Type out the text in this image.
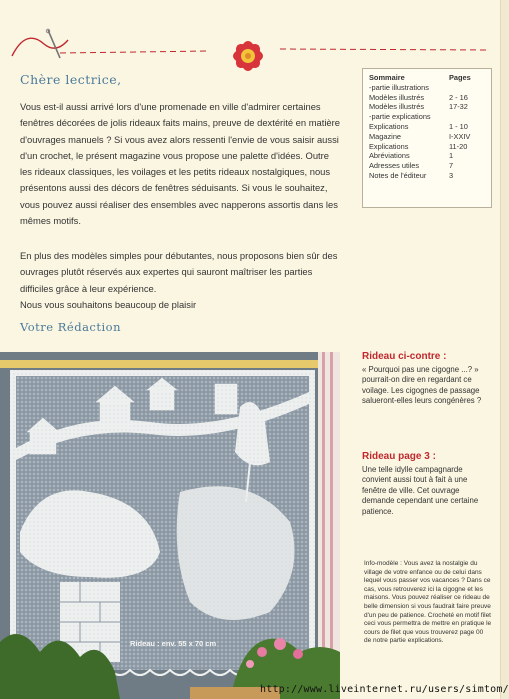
Chère lectrice,
Vous est-il aussi arrivé lors d'une promenade en ville d'admirer certaines fenêtres décorées de jolis rideaux faits mains, preuve de dextérité en matière d'ouvrages manuels ? Si vous avez alors ressenti l'envie de vous saisir aussi d'un crochet, le présent magazine vous propose une palette d'idées. Outre les rideaux classiques, les voilages et les petits rideaux nostalgiques, nous présentons aussi des décors de fenêtres séduisants. Si vous le souhaitez, vous pouvez aussi réaliser des ensembles avec napperons assortis dans les mêmes motifs.
En plus des modèles simples pour débutantes, nous proposons bien sûr des ouvrages plutôt réservés aux expertes qui sauront maîtriser les parties difficiles grâce à leur expérience.
Nous vous souhaitons beaucoup de plaisir
Votre Rédaction
Sommaire	Pages
-partie illustrations
Modèles illustrés	2 - 16
Modèles illustrés	17-32
-partie explications
Explications	1 - 10
Magazine	I-XXIV
Explications	11-20
Abréviations	1
Adresses utiles	7
Notes de l'éditeur	3
Rideau : env. 55 x 70 cm
Rideau ci-contre :
« Pourquoi pas une cigogne ...? » pourrait-on dire en regardant ce voilage. Les cigognes de passage salueront-elles leurs congénères ?
Rideau page 3 :
Une telle idylle campagnarde convient aussi tout à fait à une fenêtre de ville. Cet ouvrage demande cependant une certaine patience.
Info-modèle : Vous avez la nostalgie du village de votre enfance ou de celui dans lequel vous passer vos vacances ? Dans ce cas, vous retrouverez ici la cigogne et les maisons. Vous pouvez réaliser ce rideau de belle dimension si vous faudrait faire preuve d'un peu de patience. Crocheté en motif filet ceci vous permettra de mettre en pratique le cours de filet que vous trouverez page 00 de notre partie explications.
http://www.liveinternet.ru/users/simtom/
